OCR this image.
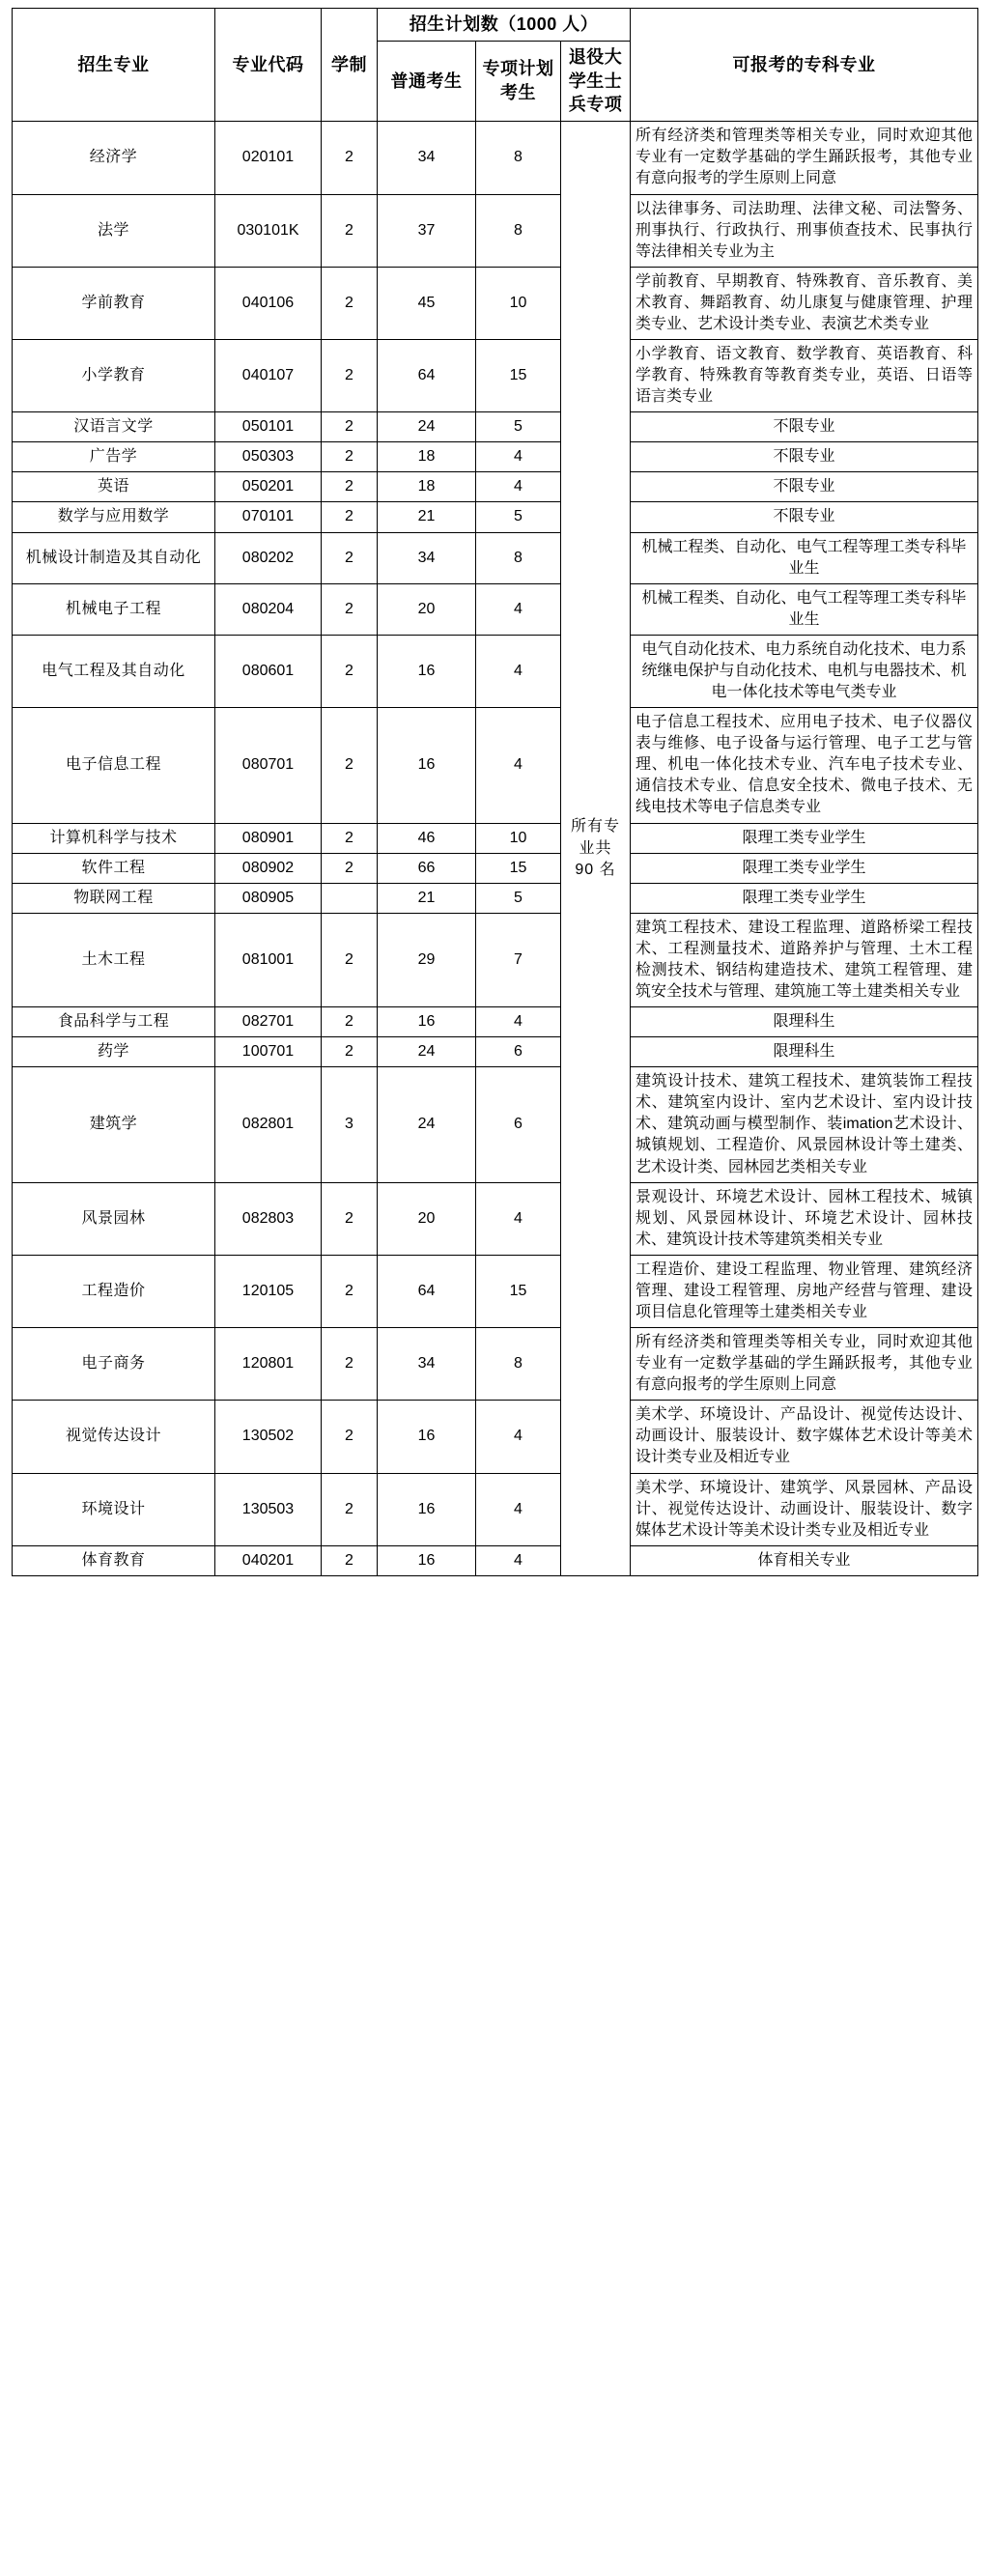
招生专业	专业代码	学制	招生计划数（1000 人）			可报考的专科专业
			普通考生	专项计划考生	退役大学生士兵专项	
经济学	020101	2	34	8	所有专业共 90 名	所有经济类和管理类等相关专业，同时欢迎其他专业有一定数学基础的学生踊跃报考，其他专业有意向报考的学生原则上同意
法学	030101K	2	37	8		以法律事务、司法助理、法律文秘、司法警务、刑事执行、行政执行、刑事侦查技术、民事执行等法律相关专业为主
学前教育	040106	2	45	10		学前教育、早期教育、特殊教育、音乐教育、美术教育、舞蹈教育、幼儿康复与健康管理、护理类专业、艺术设计类专业、表演艺术类专业
小学教育	040107	2	64	15		小学教育、语文教育、数学教育、英语教育、科学教育、特殊教育等教育类专业，英语、日语等语言类专业
汉语言文学	050101	2	24	5		不限专业
广告学	050303	2	18	4		不限专业
英语	050201	2	18	4		不限专业
数学与应用数学	070101	2	21	5		不限专业
机械设计制造及其自动化	080202	2	34	8		机械工程类、自动化、电气工程等理工类专科毕业生
机械电子工程	080204	2	20	4		机械工程类、自动化、电气工程等理工类专科毕业生
电气工程及其自动化	080601	2	16	4		电气自动化技术、电力系统自动化技术、电力系统继电保护与自动化技术、电机与电器技术、机电一体化技术等电气类专业
电子信息工程	080701	2	16	4		电子信息工程技术、应用电子技术、电子仪器仪表与维修、电子设备与运行管理、电子工艺与管理、机电一体化技术专业、汽车电子技术专业、通信技术专业、信息安全技术、微电子技术、无线电技术等电子信息类专业
计算机科学与技术	080901	2	46	10		限理工类专业学生
软件工程	080902	2	66	15		限理工类专业学生
物联网工程	080905		21	5		限理工类专业学生
土木工程	081001	2	29	7		建筑工程技术、建设工程监理、道路桥梁工程技术、工程测量技术、道路养护与管理、土木工程检测技术、钢结构建造技术、建筑工程管理、建筑安全技术与管理、建筑施工等土建类相关专业
食品科学与工程	082701	2	16	4		限理科生
药学	100701	2	24	6		限理科生
建筑学	082801	3	24	6		建筑设计技术、建筑工程技术、建筑装饰工程技术、建筑室内设计、室内艺术设计、室内设计技术、建筑动画与模型制作、装imation艺术设计、城镇规划、工程造价、风景园林设计等土建类、艺术设计类、园林园艺类相关专业
风景园林	082803	2	20	4		景观设计、环境艺术设计、园林工程技术、城镇规划、风景园林设计、环境艺术设计、园林技术、建筑设计技术等建筑类相关专业
工程造价	120105	2	64	15		工程造价、建设工程监理、物业管理、建筑经济管理、建设工程管理、房地产经营与管理、建设项目信息化管理等土建类相关专业
电子商务	120801	2	34	8		所有经济类和管理类等相关专业，同时欢迎其他专业有一定数学基础的学生踊跃报考，其他专业有意向报考的学生原则上同意
视觉传达设计	130502	2	16	4		美术学、环境设计、产品设计、视觉传达设计、动画设计、服装设计、数字媒体艺术设计等美术设计类专业及相近专业
环境设计	130503	2	16	4		美术学、环境设计、建筑学、风景园林、产品设计、视觉传达设计、动画设计、服装设计、数字媒体艺术设计等美术设计类专业及相近专业
体育教育	040201	2	16	4		体育相关专业
